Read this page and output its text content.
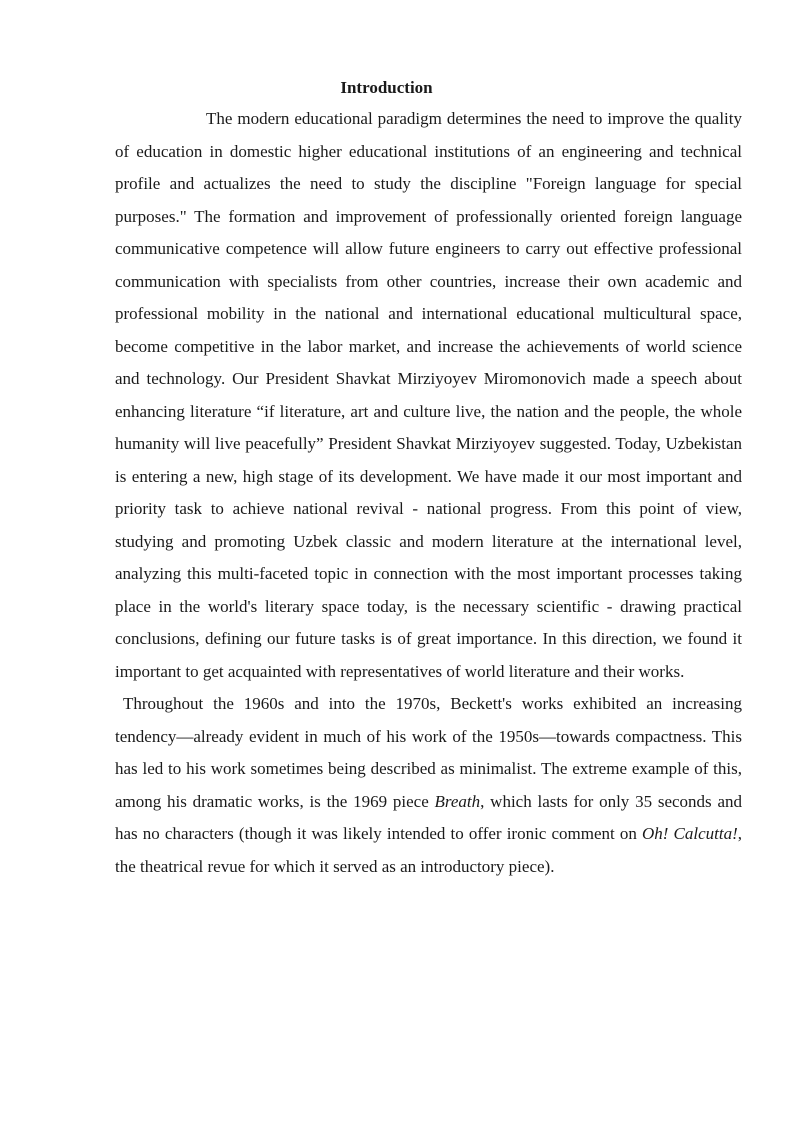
Introduction

The modern educational paradigm determines the need to improve the quality of education in domestic higher educational institutions of an engineering and technical profile and actualizes the need to study the discipline "Foreign language for special purposes." The formation and improvement of professionally oriented foreign language communicative competence will allow future engineers to carry out effective professional communication with specialists from other countries, increase their own academic and professional mobility in the national and international educational multicultural space, become competitive in the labor market, and increase the achievements of world science and technology. Our President Shavkat Mirziyoyev Miromonovich made a speech about enhancing literature “if literature, art and culture live, the nation and the people, the whole humanity will live peacefully” President Shavkat Mirziyoyev suggested. Today, Uzbekistan is entering a new, high stage of its development. We have made it our most important and priority task to achieve national revival - national progress. From this point of view, studying and promoting Uzbek classic and modern literature at the international level, analyzing this multi-faceted topic in connection with the most important processes taking place in the world's literary space today, is the necessary scientific - drawing practical conclusions, defining our future tasks is of great importance. In this direction, we found it important to get acquainted with representatives of world literature and their works.

Throughout the 1960s and into the 1970s, Beckett's works exhibited an increasing tendency—already evident in much of his work of the 1950s—towards compactness. This has led to his work sometimes being described as minimalist. The extreme example of this, among his dramatic works, is the 1969 piece Breath, which lasts for only 35 seconds and has no characters (though it was likely intended to offer ironic comment on Oh! Calcutta!, the theatrical revue for which it served as an introductory piece).
